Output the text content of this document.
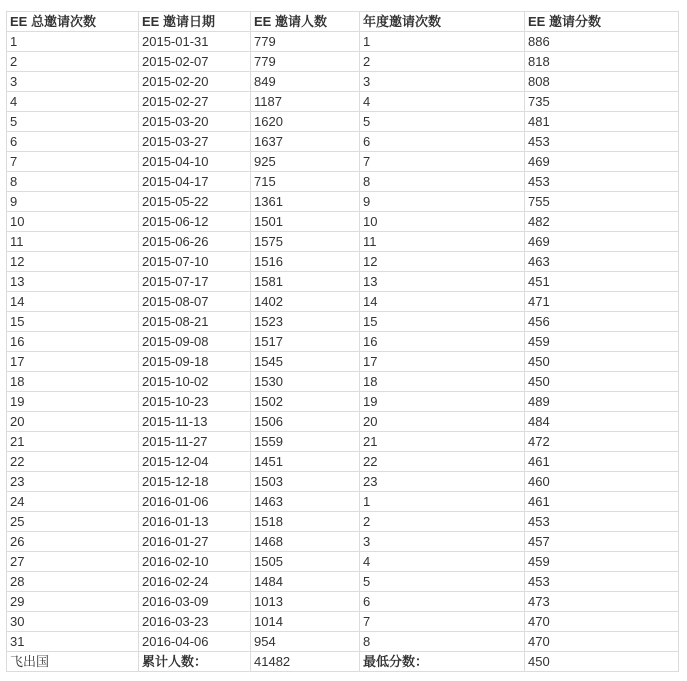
EE 总邀请次数	EE 邀请日期	EE 邀请人数	年度邀请次数	EE 邀请分数
1	2015-01-31	779	1	886
2	2015-02-07	779	2	818
3	2015-02-20	849	3	808
4	2015-02-27	1187	4	735
5	2015-03-20	1620	5	481
6	2015-03-27	1637	6	453
7	2015-04-10	925	7	469
8	2015-04-17	715	8	453
9	2015-05-22	1361	9	755
10	2015-06-12	1501	10	482
11	2015-06-26	1575	11	469
12	2015-07-10	1516	12	463
13	2015-07-17	1581	13	451
14	2015-08-07	1402	14	471
15	2015-08-21	1523	15	456
16	2015-09-08	1517	16	459
17	2015-09-18	1545	17	450
18	2015-10-02	1530	18	450
19	2015-10-23	1502	19	489
20	2015-11-13	1506	20	484
21	2015-11-27	1559	21	472
22	2015-12-04	1451	22	461
23	2015-12-18	1503	23	460
24	2016-01-06	1463	1	461
25	2016-01-13	1518	2	453
26	2016-01-27	1468	3	457
27	2016-02-10	1505	4	459
28	2016-02-24	1484	5	453
29	2016-03-09	1013	6	473
30	2016-03-23	1014	7	470
31	2016-04-06	954	8	470
飞出国	累计人数：	41482	最低分数：	450
